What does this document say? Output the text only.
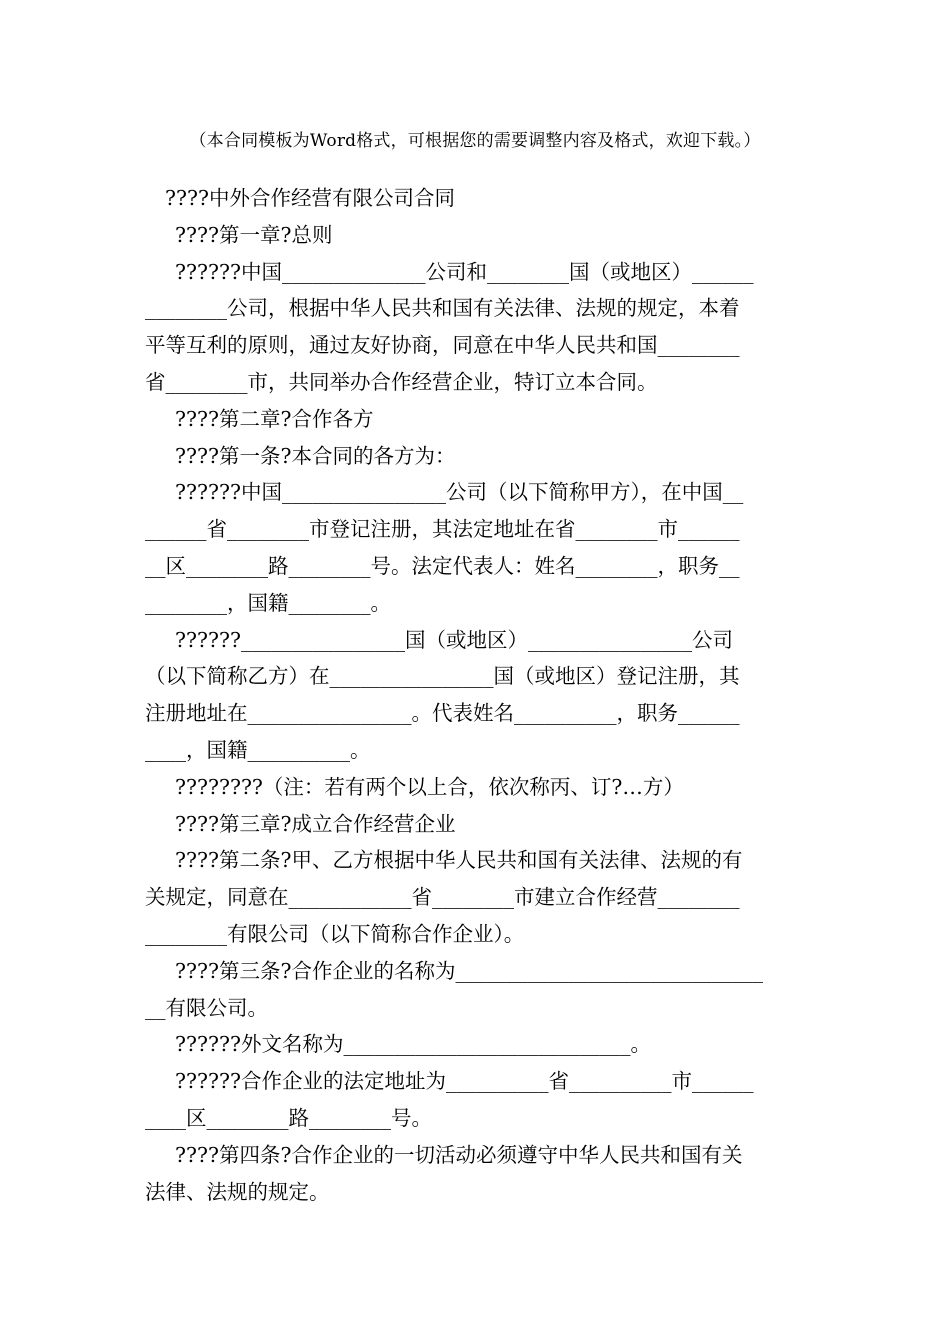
（本合同模板为Word格式，可根据您的需要调整内容及格式，欢迎下载。）
????中外合作经营有限公司合同
????第一章?总则
??????中国______________公司和________国（或地区）______
________公司，根据中华人民共和国有关法律、法规的规定，本着
平等互利的原则，通过友好协商，同意在中华人民共和国________
省________市，共同举办合作经营企业，特订立本合同。
????第二章?合作各方
????第一条?本合同的各方为：
??????中国________________公司（以下简称甲方），在中国__
______省________市登记注册，其法定地址在省________市______
__区________路________号。法定代表人：姓名________，职务__
________，国籍________。
??????________________国（或地区）________________公司
（以下简称乙方）在________________国（或地区）登记注册，其
注册地址在________________。代表姓名__________，职务______
____，国籍__________。
????????（注：若有两个以上合，依次称丙、订?…方）
????第三章?成立合作经营企业
????第二条?甲、乙方根据中华人民共和国有关法律、法规的有
关规定，同意在____________省________市建立合作经营________
________有限公司（以下简称合作企业）。
????第三条?合作企业的名称为______________________________
__有限公司。
??????外文名称为____________________________。
??????合作企业的法定地址为__________省__________市______
____区________路________号。
????第四条?合作企业的一切活动必须遵守中华人民共和国有关
法律、法规的规定。
